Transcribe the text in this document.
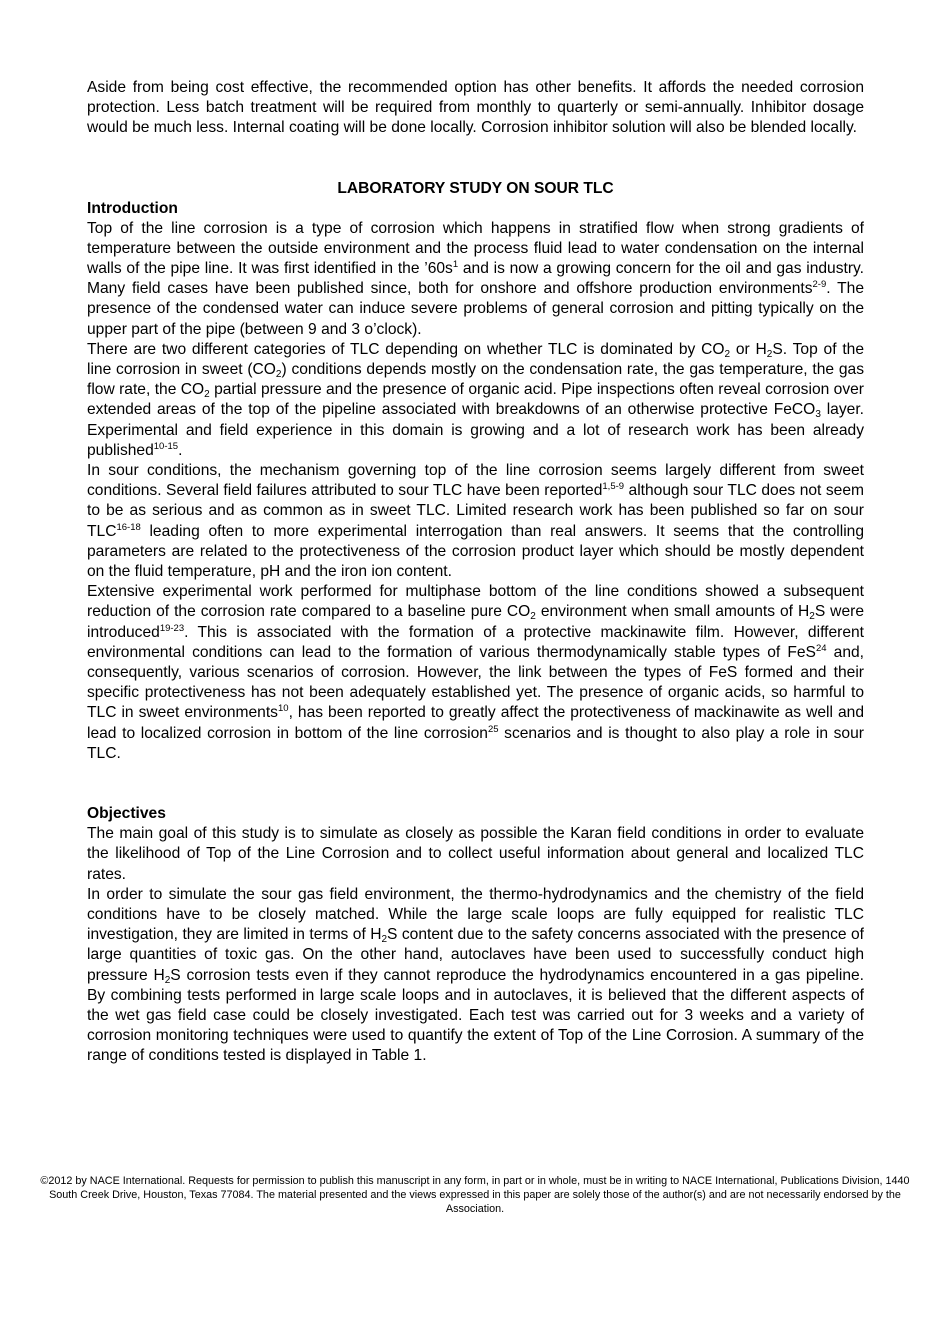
Aside from being cost effective, the recommended option has other benefits. It affords the needed corrosion protection. Less batch treatment will be required from monthly to quarterly or semi-annually. Inhibitor dosage would be much less. Internal coating will be done locally. Corrosion inhibitor solution will also be blended locally.

LABORATORY STUDY ON SOUR TLC
Introduction

Top of the line corrosion is a type of corrosion which happens in stratified flow when strong gradients of temperature between the outside environment and the process fluid lead to water condensation on the internal walls of the pipe line. It was first identified in the $’60s^1$ and is now a growing concern for the oil and gas industry. Many field cases have been published since, both for onshore and offshore production environments$^{2-9}$. The presence of the condensed water can induce severe problems of general corrosion and pitting typically on the upper part of the pipe (between 9 and 3 o’clock).

There are two different categories of TLC depending on whether TLC is dominated by $CO_2$ or $H_2S$. Top of the line corrosion in sweet $(CO_2)$ conditions depends mostly on the condensation rate, the gas temperature, the gas flow rate, the $CO_2$ partial pressure and the presence of organic acid. Pipe inspections often reveal corrosion over extended areas of the top of the pipeline associated with breakdowns of an otherwise protective FeCO$_3$ layer. Experimental and field experience in this domain is growing and a lot of research work has been already published$^{10-15}$.

In sour conditions, the mechanism governing top of the line corrosion seems largely different from sweet conditions. Several field failures attributed to sour TLC have been reported$^{1,5-9}$ although sour TLC does not seem to be as serious and as common as in sweet TLC. Limited research work has been published so far on sour TLC$^{16-18}$ leading often to more experimental interrogation than real answers. It seems that the controlling parameters are related to the protectiveness of the corrosion product layer which should be mostly dependent on the fluid temperature, pH and the iron ion content.

Extensive experimental work performed for multiphase bottom of the line conditions showed a subsequent reduction of the corrosion rate compared to a baseline pure $CO_2$ environment when small amounts of $H_2S$ were introduced$^{19-23}$. This is associated with the formation of a protective mackinawite film. However, different environmental conditions can lead to the formation of various thermodynamically stable types of FeS$^{24}$ and, consequently, various scenarios of corrosion. However, the link between the types of FeS formed and their specific protectiveness has not been adequately established yet. The presence of organic acids, so harmful to TLC in sweet environments$^{10}$, has been reported to greatly affect the protectiveness of mackinawite as well and lead to localized corrosion in bottom of the line corrosion$^{25}$ scenarios and is thought to also play a role in sour TLC.

Objectives

The main goal of this study is to simulate as closely as possible the Karan field conditions in order to evaluate the likelihood of Top of the Line Corrosion and to collect useful information about general and localized TLC rates.

In order to simulate the sour gas field environment, the thermo-hydrodynamics and the chemistry of the field conditions have to be closely matched. While the large scale loops are fully equipped for realistic TLC investigation, they are limited in terms of $H_2S$ content due to the safety concerns associated with the presence of large quantities of toxic gas. On the other hand, autoclaves have been used to successfully conduct high pressure $H_2S$ corrosion tests even if they cannot reproduce the hydrodynamics encountered in a gas pipeline. By combining tests performed in large scale loops and in autoclaves, it is believed that the different aspects of the wet gas field case could be closely investigated. Each test was carried out for 3 weeks and a variety of corrosion monitoring techniques were used to quantify the extent of Top of the Line Corrosion. A summary of the range of conditions tested is displayed in Table 1.

©2012 by NACE International. Requests for permission to publish this manuscript in any form, in part or in whole, must be in writing to NACE International, Publications Division, 1440 South Creek Drive, Houston, Texas 77084. The material presented and the views expressed in this paper are solely those of the author(s) and are not necessarily endorsed by the Association.
